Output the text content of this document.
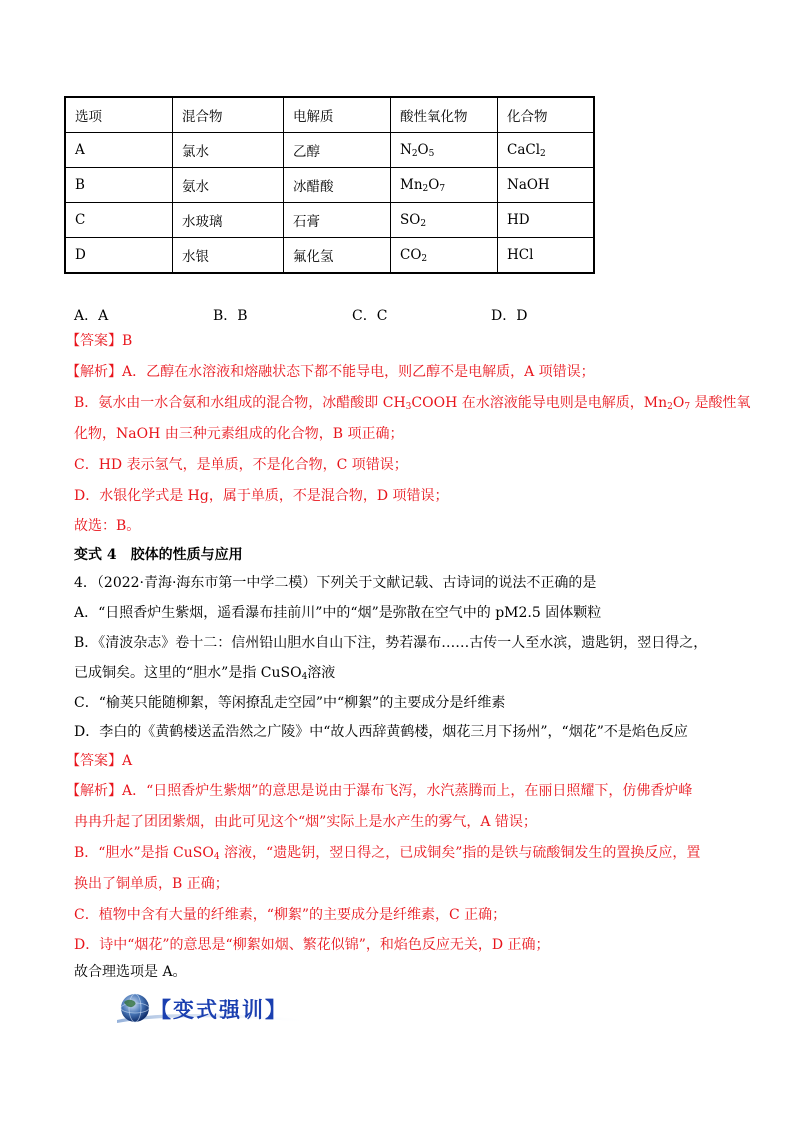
选项	混合物	电解质	酸性氧化物	化合物
A	氯水	乙醇	$N_2O_5$	CaCl$_2$
B	氨水	冰醋酸	$Mn_2O_7$	NaOH
C	水玻璃	石膏	$SO_2$	HD
D	水银	氟化氢	$CO_2$	HCl
A．A	B．B	C．C	D．D
【答案】B
【解析】A．乙醇在水溶液和熔融状态下都不能导电，则乙醇不是电解质，A 项错误；
B．氨水由一水合氨和水组成的混合物，冰醋酸即 $CH_3COOH$ 在水溶液能导电则是电解质，$Mn_2O_7$ 是酸性氧
化物，NaOH 由三种元素组成的化合物，B 项正确；
C．HD 表示氢气，是单质，不是化合物，C 项错误；
D．水银化学式是 Hg，属于单质，不是混合物，D 项错误；
故选：B。
变式 4　胶体的性质与应用
4．（2022·青海·海东市第一中学二模）下列关于文献记载、古诗词的说法不正确的是
A．“日照香炉生紫烟，遥看瀑布挂前川”中的“烟”是弥散在空气中的 pM2.5 固体颗粒
B．《清波杂志》卷十二：信州铅山胆水自山下注，势若瀑布……古传一人至水滨，遗匙钥，翌日得之，
已成铜矣。这里的“胆水”是指 CuSO$_4$溶液
C．“榆荚只能随柳絮，等闲撩乱走空园”中“柳絮”的主要成分是纤维素
D．李白的《黄鹤楼送孟浩然之广陵》中“故人西辞黄鹤楼，烟花三月下扬州”，“烟花”不是焰色反应
【答案】A
【解析】A．“日照香炉生紫烟”的意思是说由于瀑布飞泻，水汽蒸腾而上，在丽日照耀下，仿佛香炉峰
冉冉升起了团团紫烟，由此可见这个“烟”实际上是水产生的雾气，A 错误；
B．“胆水”是指 CuSO$_4$ 溶液，“遗匙钥，翌日得之，已成铜矣”指的是铁与硫酸铜发生的置换反应，置
换出了铜单质，B 正确；
C．植物中含有大量的纤维素，“柳絮”的主要成分是纤维素，C 正确；
D．诗中“烟花”的意思是“柳絮如烟、繁花似锦”，和焰色反应无关，D 正确；
故合理选项是 A。
【变式强训】
